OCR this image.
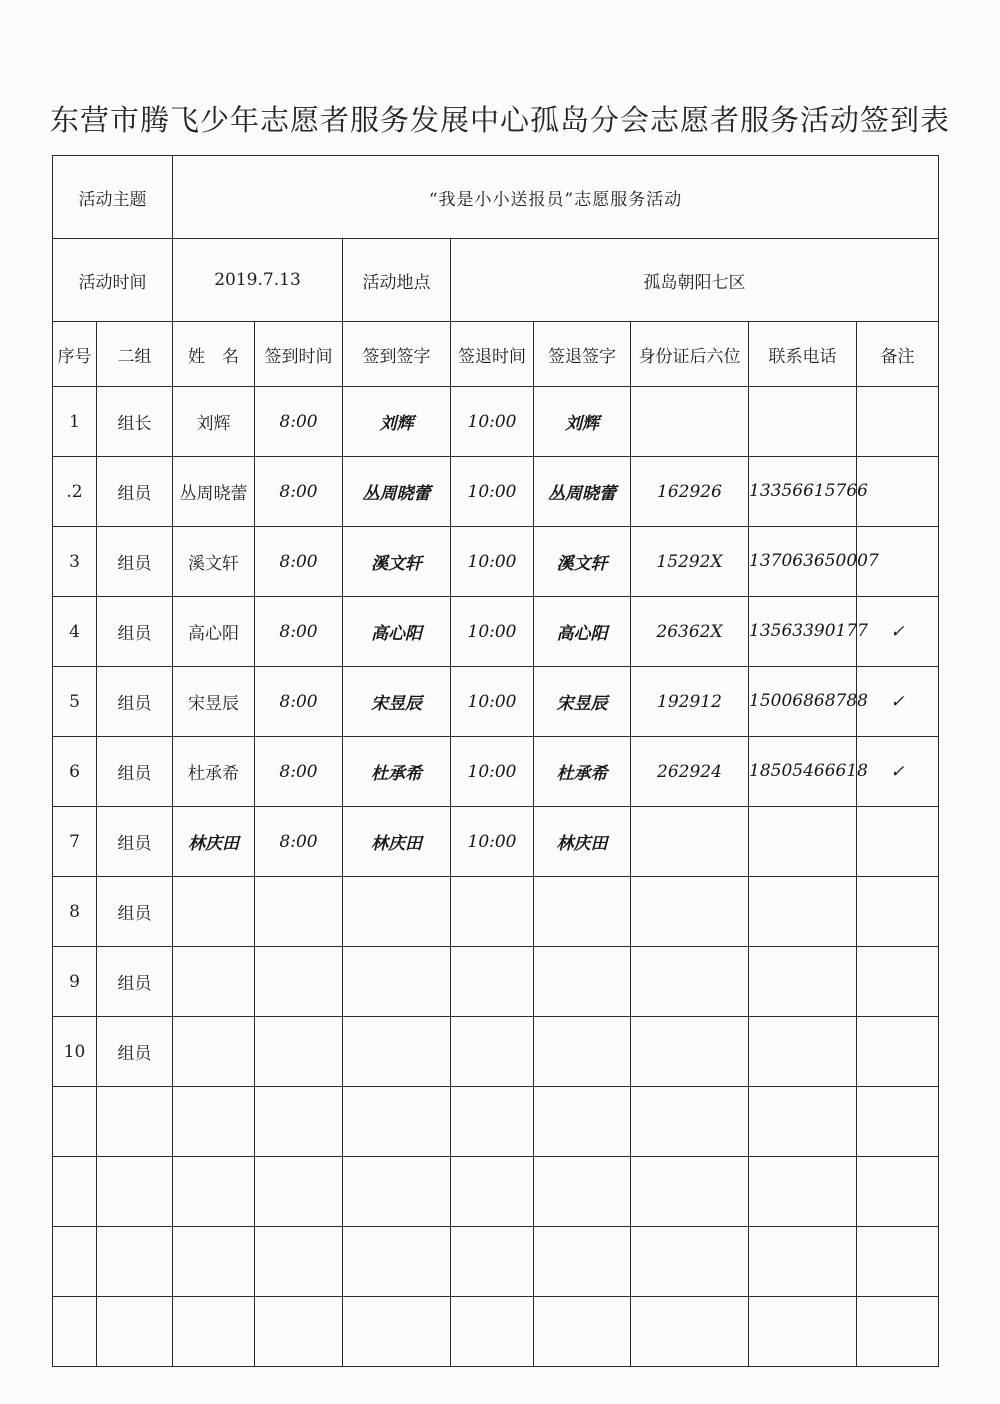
东营市腾飞少年志愿者服务发展中心孤岛分会志愿者服务活动签到表
活动主题		“我是小小送报员”志愿服务活动							
活动时间		2019.7.13		活动地点	孤岛朝阳七区				
序号	二组	姓　名	签到时间	签到签字	签退时间	签退签字	身份证后六位	联系电话	备注
1	组长	刘辉	8:00	刘辉	10:00	刘辉			
.2	组员	丛周晓蕾	8:00	丛周晓蕾	10:00	丛周晓蕾	162926	13356615766	
3	组员	溪文轩	8:00	溪文轩	10:00	溪文轩	15292X	137063650007	
4	组员	高心阳	8:00	高心阳	10:00	高心阳	26362X	13563390177	✓
5	组员	宋昱辰	8:00	宋昱辰	10:00	宋昱辰	192912	15006868788	✓
6	组员	杜承希	8:00	杜承希	10:00	杜承希	262924	18505466618	✓
7	组员	林庆田	8:00	林庆田	10:00	林庆田			
8	组员								
9	组员								
10	组员								
